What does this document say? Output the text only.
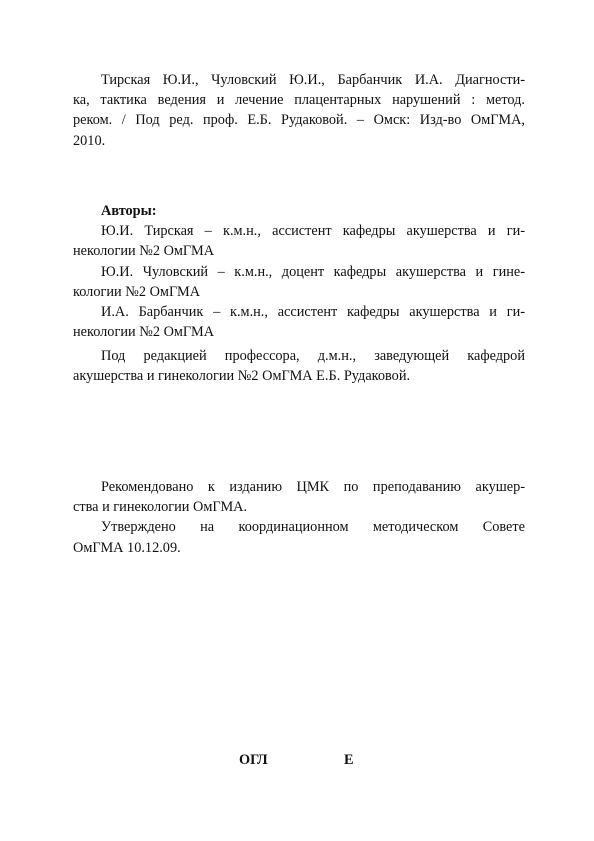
Тирская Ю.И., Чуловский Ю.И., Барбанчик И.А. Диагности-
ка, тактика ведения и лечение плацентарных нарушений : метод.
реком. / Под ред. проф. Е.Б. Рудаковой. – Омск: Изд-во ОмГМА,
2010.
Авторы:
Ю.И. Тирская – к.м.н., ассистент кафедры акушерства и ги-
некологии №2 ОмГМА
Ю.И. Чуловский – к.м.н., доцент кафедры акушерства и гине-
кологии №2 ОмГМА
И.А. Барбанчик – к.м.н., ассистент кафедры акушерства и ги-
некологии №2 ОмГМА
Под редакцией профессора, д.м.н., заведующей кафедрой
акушерства и гинекологии №2 ОмГМА Е.Б. Рудаковой.
Рекомендовано к изданию ЦМК по преподаванию акушер-
ства и гинекологии ОмГМА.
Утверждено на координационном методическом Совете
ОмГМА 10.12.09.
ОГЛ	Е
